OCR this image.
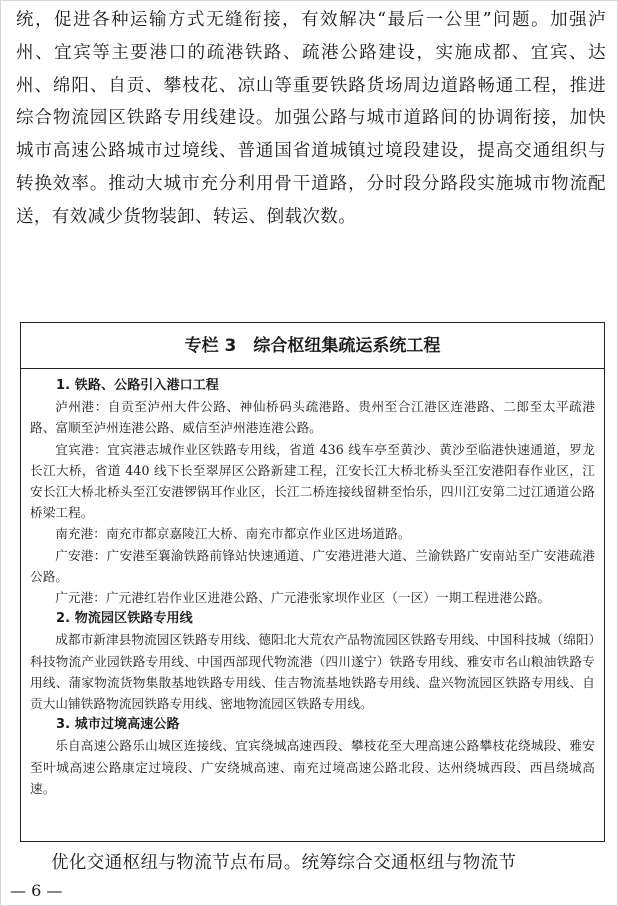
统，促进各种运输方式无缝衔接，有效解决“最后一公里”问题。加强泸州、宜宾等主要港口的疏港铁路、疏港公路建设，实施成都、宜宾、达州、绵阳、自贡、攀枝花、凉山等重要铁路货场周边道路畅通工程，推进综合物流园区铁路专用线建设。加强公路与城市道路间的协调衔接，加快城市高速公路城市过境线、普通国省道城镇过境段建设，提高交通组织与转换效率。推动大城市充分利用骨干道路，分时段分路段实施城市物流配送，有效减少货物装卸、转运、倒载次数。

专栏 3　综合枢纽集疏运系统工程
1. 铁路、公路引入港口工程

泸州港：自贡至泸州大件公路、神仙桥码头疏港路、贵州至合江港区连港路、二郎至太平疏港路、富顺至泸州连港公路、威信至泸州港连港公路。

宜宾港：宜宾港志城作业区铁路专用线，省道 436 线车亭至黄沙、黄沙至临港快速通道，罗龙长江大桥，省道 440 线下长至翠屏区公路新建工程，江安长江大桥北桥头至江安港阳春作业区，江安长江大桥北桥头至江安港锣锅耳作业区，长江二桥连接线留耕至怡乐，四川江安第二过江通道公路桥梁工程。

南充港：南充市都京嘉陵江大桥、南充市都京作业区进场道路。

广安港：广安港至襄渝铁路前锋站快速通道、广安港进港大道、兰渝铁路广安南站至广安港疏港公路。

广元港：广元港红岩作业区进港公路、广元港张家坝作业区（一区）一期工程进港公路。

2. 物流园区铁路专用线

成都市新津县物流园区铁路专用线、德阳北大荒农产品物流园区铁路专用线、中国科技城（绵阳）科技物流产业园铁路专用线、中国西部现代物流港（四川遂宁）铁路专用线、雅安市名山粮油铁路专用线、蒲家物流货物集散基地铁路专用线、佳吉物流基地铁路专用线、盘兴物流园区铁路专用线、自贡大山铺铁路物流园铁路专用线、密地物流园区铁路专用线。

3. 城市过境高速公路

乐自高速公路乐山城区连接线、宜宾绕城高速西段、攀枝花至大理高速公路攀枝花绕城段、雅安至叶城高速公路康定过境段、广安绕城高速、南充过境高速公路北段、达州绕城西段、西昌绕城高速。

优化交通枢纽与物流节点布局。统筹综合交通枢纽与物流节

— 6 —
